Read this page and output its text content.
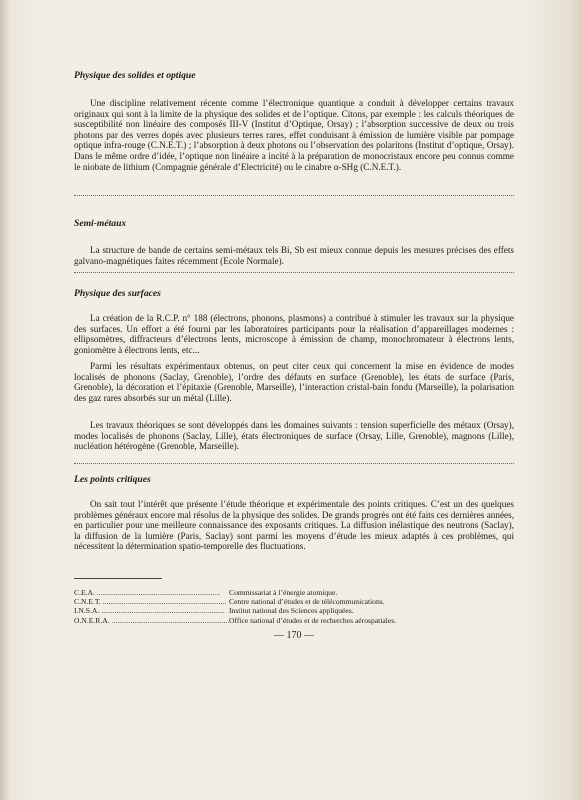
Physique des solides et optique

Une discipline relativement récente comme l’électronique quantique a conduit à développer certains travaux originaux qui sont à la limite de la physique des solides et de l’optique. Citons, par exemple : les calculs théoriques de susceptibilité non linéaire des composés III-V (Institut d’Optique, Orsay) ; l’absorption successive de deux ou trois photons par des verres dopés avec plusieurs terres rares, effet conduisant à émission de lumière visible par pompage optique infra-rouge (C.N.E.T.) ; l’absorption à deux photons ou l’observation des polaritons (Institut d’optique, Orsay). Dans le même ordre d’idée, l’optique non linéaire a incité à la préparation de monocristaux encore peu connus comme le niobate de lithium (Compagnie générale d’Electricité) ou le cinabre α-SHg (C.N.E.T.).

Semi-métaux

La structure de bande de certains semi-métaux tels Bi, Sb est mieux connue depuis les mesures précises des effets galvano-magnétiques faites récemment (Ecole Normale).

Physique des surfaces

La création de la R.C.P. n° 188 (électrons, phonons, plasmons) a contribué à stimuler les travaux sur la physique des surfaces. Un effort a été fourni par les laboratoires participants pour la réalisation d’appareillages modernes : ellipsomètres, diffracteurs d’électrons lents, microscope à émission de champ, monochromateur à électrons lents, goniomètre à électrons lents, etc...

Parmi les résultats expérimentaux obtenus, on peut citer ceux qui concernent la mise en évidence de modes localisés de phonons (Saclay, Grenoble), l’ordre des défauts en surface (Grenoble), les états de surface (Paris, Grenoble), la décoration et l’épitaxie (Grenoble, Marseille), l’interaction cristal-bain fondu (Marseille), la polarisation des gaz rares absorbés sur un métal (Lille).

Les travaux théoriques se sont développés dans les domaines suivants : tension superficielle des métaux (Orsay), modes localisés de phonons (Saclay, Lille), états électroniques de surface (Orsay, Lille, Grenoble), magnons (Lille), nucléation hétérogène (Grenoble, Marseille).

Les points critiques

On sait tout l’intérêt que présente l’étude théorique et expérimentale des points critiques. C’est un des quelques problèmes généraux encore mal résolus de la physique des solides. De grands progrès ont été faits ces dernières années, en particulier pour une meilleure connaissance des exposants critiques. La diffusion inélastique des neutrons (Saclay), la diffusion de la lumière (Paris, Saclay) sont parmi les moyens d’étude les mieux adaptés à ces problèmes, qui nécessitent la détermination spatio-temporelle des fluctuations.

C.E.A. .....	Commissariat à l’énergie atomique.
C.N.E.T. .....	Centre national d’études et de télécommunications.
I.N.S.A. .....	Institut national des Sciences appliquées.
O.N.E.R.A. .....	Office national d’études et de recherches aérospatiales.
— 170 —
